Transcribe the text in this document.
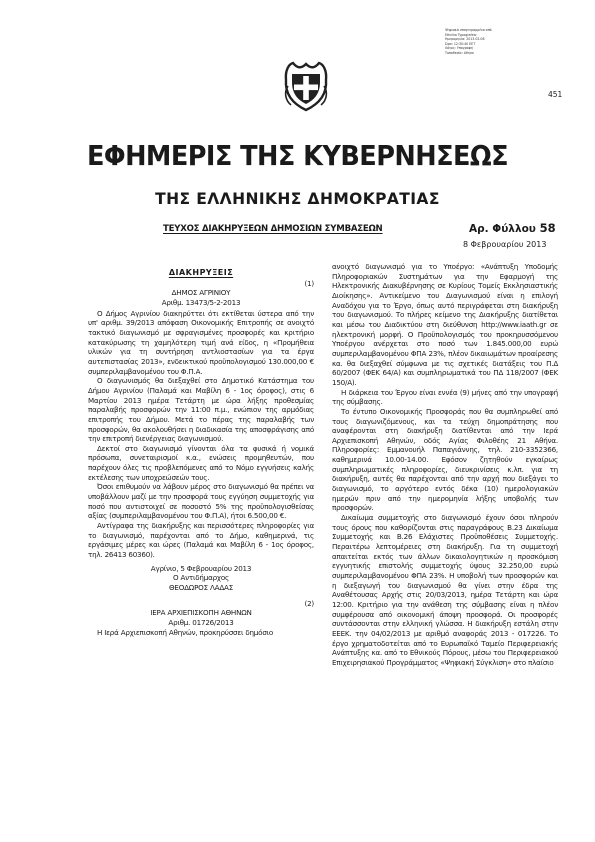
Ψηφιακά υπογεγραμμένο από
Ethniko Typografeio
Ημερομηνία: 2013.02.08
Ώρα: 12:30:40 EET
Λόγος: Υπογραφή
Τοποθεσία: Αθήνα
451
ΕΦΗΜΕΡΙΣ ΤΗΣ ΚΥΒΕΡΝΗΣΕΩΣ
ΤΗΣ ΕΛΛΗΝΙΚΗΣ ΔΗΜΟΚΡΑΤΙΑΣ
ΤΕΥΧΟΣ ΔΙΑΚΗΡΥΞΕΩΝ ΔΗΜΟΣΙΩΝ ΣΥΜΒΑΣΕΩΝ	Αρ. Φύλλου 58
8 Φεβρουαρίου 2013
ΔΙΑΚΗΡΥΞΕΙΣ
(1)
ΔΗΜΟΣ ΑΓΡΙΝΙΟΥ
Αριθμ. 13473/5-2-2013

Ο Δήμος Αγρινίου διακηρύττει ότι εκτίθεται ύστερα από την υπ' αριθμ. 39/2013 απόφαση Οικονομικής Επιτροπής σε ανοιχτό τακτικό διαγωνισμό με σφραγισμένες προσφορές και κριτήριο κατακύρωσης τη χαμηλότερη τιμή ανά είδος, η «Προμήθεια υλικών για τη συντήρηση αντλιοστασίων για τα έργα αυτεπιστασίας 2013», ενδεικτικού προϋπολογισμού 130.000,00 € συμπεριλαμβανομένου του Φ.Π.Α.

Ο διαγωνισμός θα διεξαχθεί στο Δημοτικό Κατάστημα του Δήμου Αγρινίου (Παλαμά και Μαβίλη 6 - 1ος όροφος), στις 6 Μαρτίου 2013 ημέρα Τετάρτη με ώρα λήξης προθεσμίας παραλαβής προσφορών την 11:00 π.μ., ενώπιον της αρμόδιας επιτροπής του Δήμου. Μετά το πέρας της παραλαβής των προσφορών, θα ακολουθήσει η διαδικασία της αποσφράγισης από την επιτροπή διενέργειας διαγωνισμού.

Δεκτοί στο διαγωνισμό γίνονται όλα τα φυσικά ή νομικά πρόσωπα, συνεταιρισμοί κ.α., ενώσεις προμηθευτών, που παρέχουν όλες τις προβλεπόμενες από το Νόμο εγγυήσεις καλής εκτέλεσης των υποχρεώσεών τους.

Όσοι επιθυμούν να λάβουν μέρος στο διαγωνισμό θα πρέπει να υποβάλλουν μαζί με την προσφορά τους εγγύηση συμμετοχής για ποσό που αντιστοιχεί σε ποσοστό 5% της προϋπολογισθείσας αξίας (συμπεριλαμβανομένου του Φ.Π.Α), ήτοι 6.500,00 €.

Αντίγραφα της διακήρυξης και περισσότερες πληροφορίες για το διαγωνισμό, παρέχονται από το Δήμο, καθημερινά, τις εργάσιμες μέρες και ώρες (Παλαμά και Μαβίλη 6 - 1ος όροφος, τηλ. 26413 60360).

Αγρίνιο, 5 Φεβρουαρίου 2013
Ο Αντιδήμαρχος
ΘΕΟΔΩΡΟΣ ΛΑΔΑΣ
(2)
ΙΕΡΑ ΑΡΧΙΕΠΙΣΚΟΠΗ ΑΘΗΝΩΝ
Αριθμ. 01726/2013

Η Ιερά Αρχιεπισκοπή Αθηνών, προκηρύσσει δημόσιο

ανοιχτό διαγωνισμό για το Υποέργο: «Ανάπτυξη Υποδομής Πληροφοριακών Συστημάτων για την Εφαρμογή της Ηλεκτρονικής Διακυβέρνησης σε Κυρίους Τομείς Εκκλησιαστικής Διοίκησης». Αντικείμενο του Διαγωνισμού είναι η επιλογή Αναδόχου για το Έργο, όπως αυτό περιγράφεται στη διακήρυξη του διαγωνισμού. Το πλήρες κείμενο της Διακήρυξης διατίθεται και μέσω του Διαδικτύου στη διεύθυνση http://www.iaath.gr σε ηλεκτρονική μορφή. Ο Προϋπολογισμός του προκηρυσσόμενου Υποέργου ανέρχεται στο ποσό των 1.845.000,00 ευρώ συμπεριλαμβανομένου ΦΠΑ 23%, πλέον δικαιωμάτων προαίρεσης κα. θα διεξαχθεί σύμφωνα με τις σχετικές διατάξεις του Π.Δ 60/2007 (ΦΕΚ 64/Α) και συμπληρωματικά του ΠΔ 118/2007 (ΦΕΚ 150/Α).

Η διάρκεια του Έργου είναι εννέα (9) μήνες από την υπογραφή της σύμβασης.

Το έντυπο Οικονομικής Προσφοράς που θα συμπληρωθεί από τους διαγωνιζόμενους, και τα τεύχη δημοπράτησης που αναφέρονται στη διακήρυξη διατίθενται από την Ιερά Αρχιεπισκοπή Αθηνών, οδός Αγίας Φιλοθέης 21 Αθήνα. Πληροφορίες: Εμμανουήλ Παπαγιάννης, τηλ. 210-3352366, καθημερινά 10.00-14.00. Εφόσον ζητηθούν εγκαίρως συμπληρωματικές πληροφορίες, διευκρινίσεις κ.λπ. για τη διακήρυξη, αυτές θα παρέχονται από την αρχή που διεξάγει το διαγωνισμό, το αργότερο εντός δέκα (10) ημερολογιακών ημερών πριν από την ημερομηνία λήξης υποβολής των προσφορών.

Δικαίωμα συμμετοχής στο διαγωνισμό έχουν όσοι πληρούν τους όρους που καθορίζονται στις παραγράφους Β.23 Δικαίωμα Συμμετοχής και Β.26 Ελάχιστες Προϋποθέσεις Συμμετοχής. Περαιτέρω λεπτομέρειες στη διακήρυξη. Για τη συμμετοχή απαιτείται εκτός των άλλων δικαιολογητικών η προσκόμιση εγγυητικής επιστολής συμμετοχής ύψους 32.250,00 ευρώ συμπεριλαμβανομένου ΦΠΑ 23%. Η υποβολή των προσφορών και η διεξαγωγή του διαγωνισμού θα γίνει στην έδρα της Αναθέτουσας Αρχής στις 20/03/2013, ημέρα Τετάρτη και ώρα 12:00. Κριτήριο για την ανάθεση της σύμβασης είναι η πλέον συμφέρουσα από οικονομική άποψη προσφορά. Οι προσφορές συντάσσονται στην ελληνική γλώσσα. Η διακήρυξη εστάλη στην ΕΕΕΚ. την 04/02/2013 με αριθμό αναφοράς 2013 - 017226. Το έργο χρηματοδοτείται από το Ευρωπαϊκό Ταμείο Περιφερειακής Ανάπτυξης κα. από το Εθνικούς Πόρους, μέσω του Περιφερειακού Επιχειρησιακού Προγράμματος «Ψηφιακή Σύγκλιση» στο πλαίσιο
